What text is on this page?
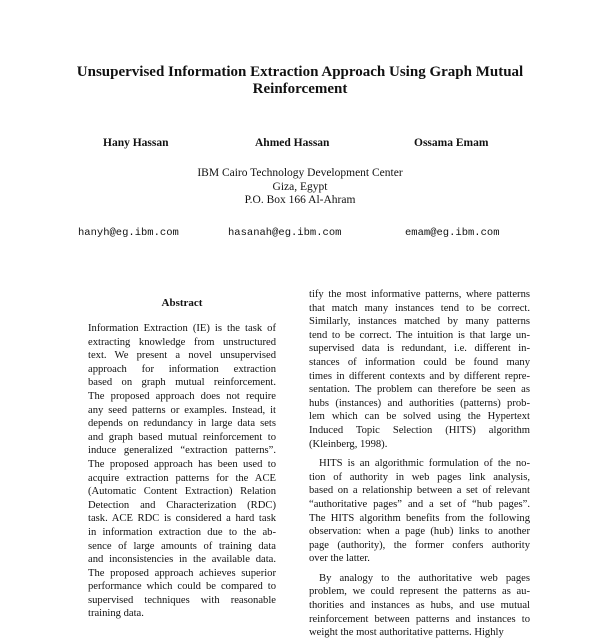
Unsupervised Information Extraction Approach Using Graph Mutual
Reinforcement
Hany Hassan	Ahmed Hassan	Ossama Emam
IBM Cairo Technology Development Center
Giza, Egypt
P.O. Box 166 Al-Ahram
hanyh@eg.ibm.com	hasanah@eg.ibm.com	emam@eg.ibm.com
Abstract
Information Extraction (IE) is the task of
extracting knowledge from unstructured
text. We present a novel unsupervised
approach for information extraction
based on graph mutual reinforcement.
The proposed approach does not require
any seed patterns or examples. Instead, it
depends on redundancy in large data sets
and graph based mutual reinforcement to
induce generalized “extraction patterns”.
The proposed approach has been used to
acquire extraction patterns for the ACE
(Automatic Content Extraction) Relation
Detection and Characterization (RDC)
task. ACE RDC is considered a hard task
in information extraction due to the ab-
sence of large amounts of training data
and inconsistencies in the available data.
The proposed approach achieves superior
performance which could be compared to
supervised techniques with reasonable
training data.
tify the most informative patterns, where patterns
that match many instances tend to be correct.
Similarly, instances matched by many patterns
tend to be correct. The intuition is that large un-
supervised data is redundant, i.e. different in-
stances of information could be found many
times in different contexts and by different repre-
sentation. The problem can therefore be seen as
hubs (instances) and authorities (patterns) prob-
lem which can be solved using the Hypertext
Induced Topic Selection (HITS) algorithm
(Kleinberg, 1998).
HITS is an algorithmic formulation of the no-
tion of authority in web pages link analysis,
based on a relationship between a set of relevant
“authoritative pages” and a set of “hub pages”.
The HITS algorithm benefits from the following
observation: when a page (hub) links to another
page (authority), the former confers authority
over the latter.
By analogy to the authoritative web pages
problem, we could represent the patterns as au-
thorities and instances as hubs, and use mutual
reinforcement between patterns and instances to
weight the most authoritative patterns. Highly
